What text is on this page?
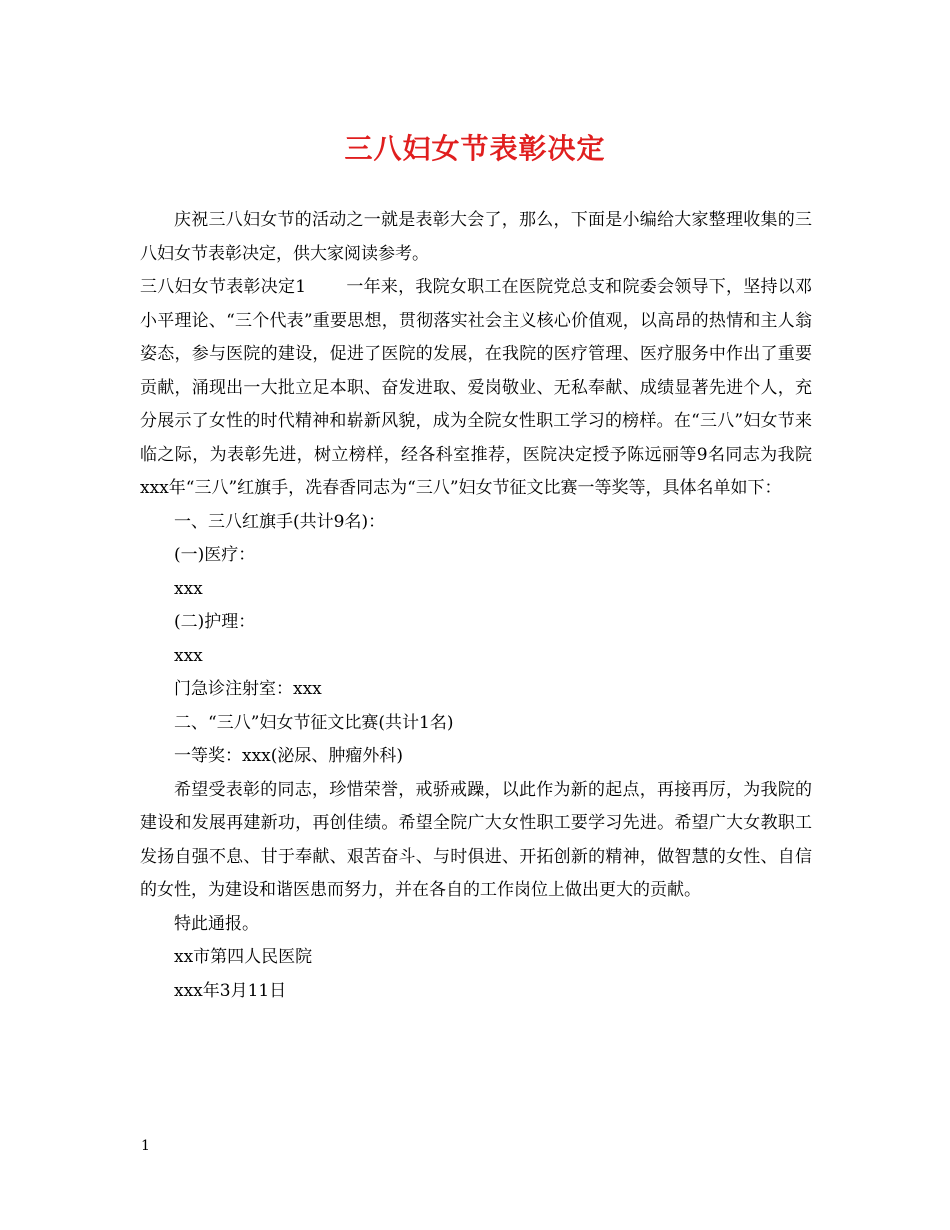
三八妇女节表彰决定

庆祝三八妇女节的活动之一就是表彰大会了，那么，下面是小编给大家整理收集的三八妇女节表彰决定，供大家阅读参考。

三八妇女节表彰决定1 一年来，我院女职工在医院党总支和院委会领导下，坚持以邓小平理论、“三个代表”重要思想，贯彻落实社会主义核心价值观，以高昂的热情和主人翁姿态，参与医院的建设，促进了医院的发展，在我院的医疗管理、医疗服务中作出了重要贡献，涌现出一大批立足本职、奋发进取、爱岗敬业、无私奉献、成绩显著先进个人，充分展示了女性的时代精神和崭新风貌，成为全院女性职工学习的榜样。在“三八”妇女节来临之际，为表彰先进，树立榜样，经各科室推荐，医院决定授予陈远丽等9名同志为我院xxx年“三八”红旗手，冼春香同志为“三八”妇女节征文比赛一等奖等，具体名单如下：

一、三八红旗手(共计9名)：

(一)医疗：

xxx

(二)护理：

xxx

门急诊注射室：xxx

二、“三八”妇女节征文比赛(共计1名)

一等奖：xxx(泌尿、肿瘤外科)

希望受表彰的同志，珍惜荣誉，戒骄戒躁，以此作为新的起点，再接再厉，为我院的建设和发展再建新功，再创佳绩。希望全院广大女性职工要学习先进。希望广大女教职工发扬自强不息、甘于奉献、艰苦奋斗、与时俱进、开拓创新的精神，做智慧的女性、自信的女性，为建设和谐医患而努力，并在各自的工作岗位上做出更大的贡献。

特此通报。

xx市第四人民医院

xxx年3月11日

1
